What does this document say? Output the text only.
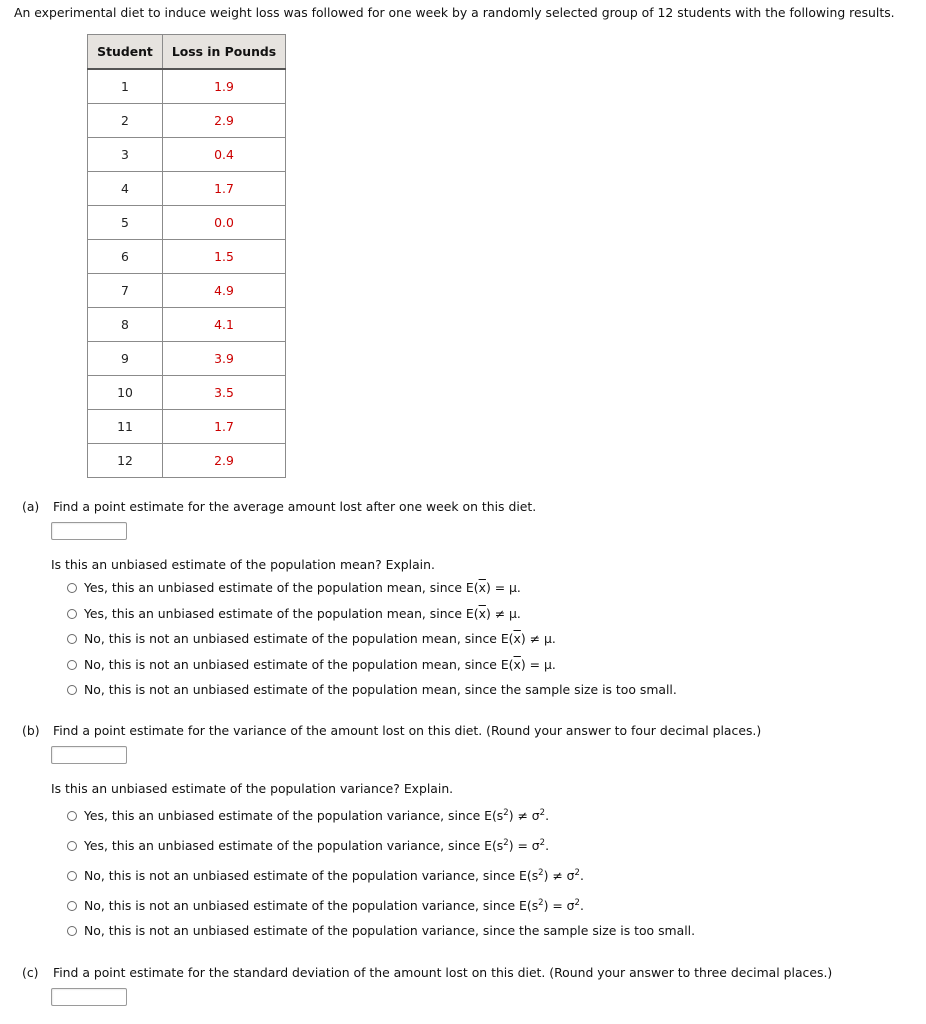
An experimental diet to induce weight loss was followed for one week by a randomly selected group of 12 students with the following results.
Student	Loss in Pounds
1	1.9
2	2.9
3	0.4
4	1.7
5	0.0
6	1.5
7	4.9
8	4.1
9	3.9
10	3.5
11	1.7
12	2.9
(a) Find a point estimate for the average amount lost after one week on this diet.
Is this an unbiased estimate of the population mean? Explain.
Yes, this an unbiased estimate of the population mean, since $E(\overline{x}) = \mu$.
Yes, this an unbiased estimate of the population mean, since $E(\overline{x}) \ne \mu$.
No, this is not an unbiased estimate of the population mean, since $E(\overline{x}) \ne \mu$.
No, this is not an unbiased estimate of the population mean, since $E(\overline{x}) = \mu$.
No, this is not an unbiased estimate of the population mean, since the sample size is too small.
(b) Find a point estimate for the variance of the amount lost on this diet. (Round your answer to four decimal places.)
Is this an unbiased estimate of the population variance? Explain.
Yes, this an unbiased estimate of the population variance, since $E(s^2) \ne \sigma^2$.
Yes, this an unbiased estimate of the population variance, since $E(s^2) = \sigma^2$.
No, this is not an unbiased estimate of the population variance, since $E(s^2) \ne \sigma^2$.
No, this is not an unbiased estimate of the population variance, since $E(s^2) = \sigma^2$.
No, this is not an unbiased estimate of the population variance, since the sample size is too small.
(c) Find a point estimate for the standard deviation of the amount lost on this diet. (Round your answer to three decimal places.)
